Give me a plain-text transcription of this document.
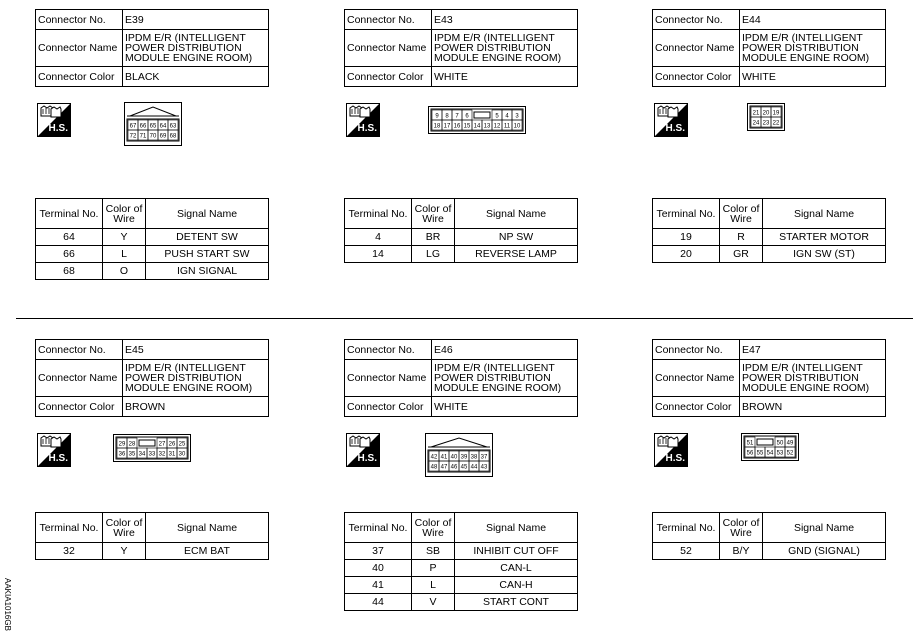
Connector No.	E39
Connector Name	IPDM E/R (INTELLIGENT POWER DISTRIBUTION MODULE ENGINE ROOM)
Connector Color	BLACK
H.S.	67 66 65 64 63
72 71 70 69 68
Terminal No.	Color of Wire	Signal Name
64	Y	DETENT SW
66	L	PUSH START SW
68	O	IGN SIGNAL
Connector No.	E43
Connector Name	IPDM E/R (INTELLIGENT POWER DISTRIBUTION MODULE ENGINE ROOM)
Connector Color	WHITE
H.S.
9 8 7 6	5 4 3
18 17 16 15 14 13 12 11 10
Terminal No.	Color of Wire	Signal Name
4	BR	NP SW
14	LG	REVERSE LAMP
Connector No.	E44
Connector Name	IPDM E/R (INTELLIGENT POWER DISTRIBUTION MODULE ENGINE ROOM)
Connector Color	WHITE
H.S.
21 20 19
24 23 22
Terminal No.	Color of Wire	Signal Name
19	R	STARTER MOTOR
20	GR	IGN SW (ST)
Connector No.	E45
Connector Name	IPDM E/R (INTELLIGENT POWER DISTRIBUTION MODULE ENGINE ROOM)
Connector Color	BROWN
H.S.
29 28	27 26 25
36 35 34 33 32 31 30
Terminal No.	Color of Wire	Signal Name
32	Y	ECM BAT
Connector No.	E46
Connector Name	IPDM E/R (INTELLIGENT POWER DISTRIBUTION MODULE ENGINE ROOM)
Connector Color	WHITE
H.S.	42 41 40 39 38 37
48 47 46 45 44 43
Terminal No.	Color of Wire	Signal Name
37	SB	INHIBIT CUT OFF
40	P	CAN-L
41	L	CAN-H
44	V	START CONT
Connector No.	E47
Connector Name	IPDM E/R (INTELLIGENT POWER DISTRIBUTION MODULE ENGINE ROOM)
Connector Color	BROWN
H.S.
51	50 49
56 55 54 53 52
Terminal No.	Color of Wire	Signal Name
52	B/Y	GND (SIGNAL)
AAKIA1016GB
